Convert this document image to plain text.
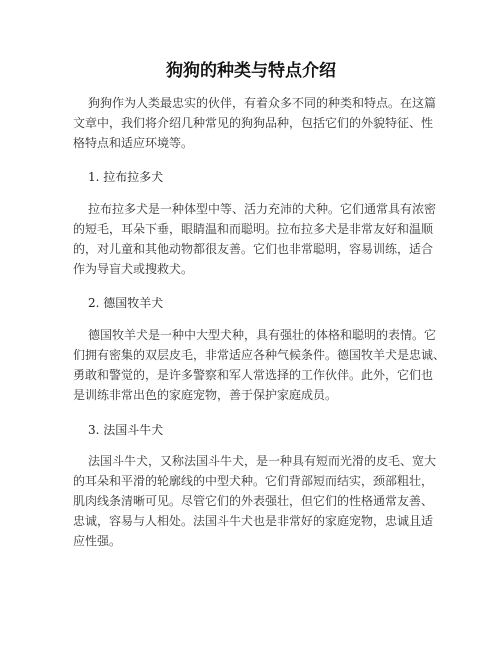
狗狗的种类与特点介绍
狗狗作为人类最忠实的伙伴，有着众多不同的种类和特点。在这篇
文章中，我们将介绍几种常见的狗狗品种，包括它们的外貌特征、性
格特点和适应环境等。
1. 拉布拉多犬
拉布拉多犬是一种体型中等、活力充沛的犬种。它们通常具有浓密
的短毛，耳朵下垂，眼睛温和而聪明。拉布拉多犬是非常友好和温顺
的，对儿童和其他动物都很友善。它们也非常聪明，容易训练，适合
作为导盲犬或搜救犬。
2. 德国牧羊犬
德国牧羊犬是一种中大型犬种，具有强壮的体格和聪明的表情。它
们拥有密集的双层皮毛，非常适应各种气候条件。德国牧羊犬是忠诚、
勇敢和警觉的，是许多警察和军人常选择的工作伙伴。此外，它们也
是训练非常出色的家庭宠物，善于保护家庭成员。
3. 法国斗牛犬
法国斗牛犬，又称法国斗牛犬，是一种具有短而光滑的皮毛、宽大
的耳朵和平滑的轮廓线的中型犬种。它们背部短而结实，颈部粗壮，
肌肉线条清晰可见。尽管它们的外表强壮，但它们的性格通常友善、
忠诚，容易与人相处。法国斗牛犬也是非常好的家庭宠物，忠诚且适
应性强。
